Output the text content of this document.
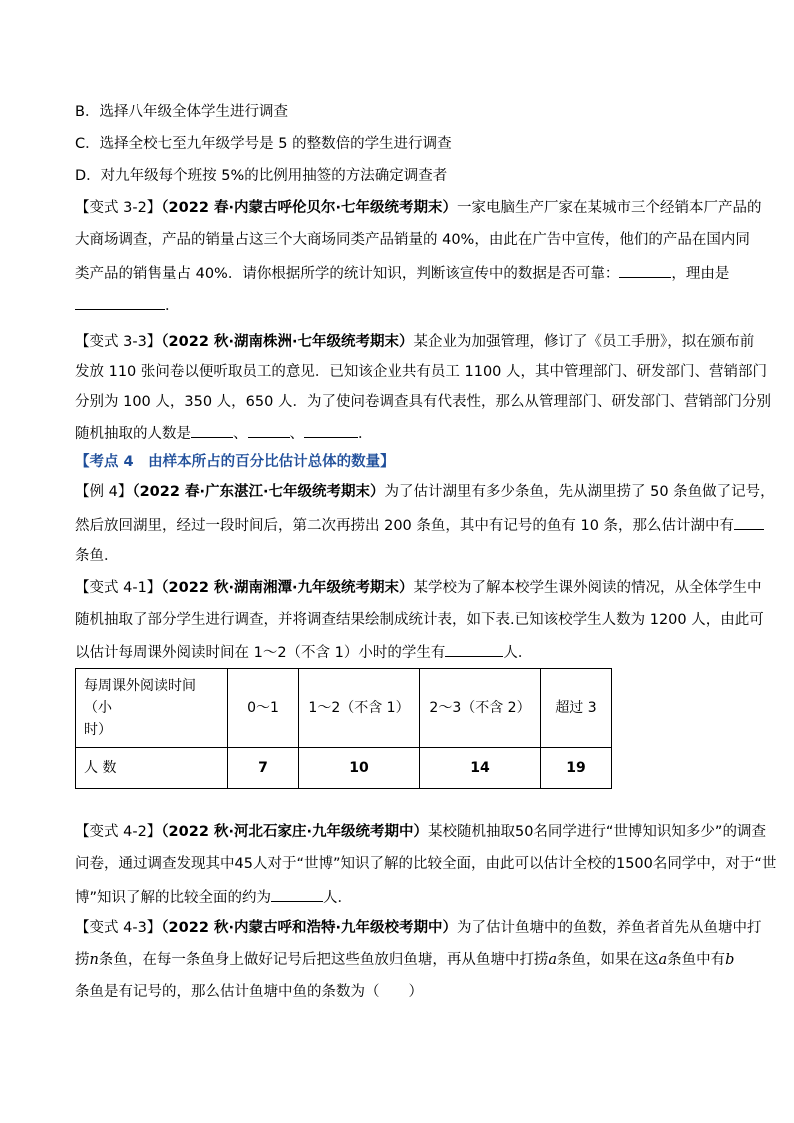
B．选择八年级全体学生进行调查
C．选择全校七至九年级学号是 5 的整数倍的学生进行调查
D．对九年级每个班按 5%的比例用抽签的方法确定调查者
【变式 3-2】（2022 春·内蒙古呼伦贝尔·七年级统考期末）一家电脑生产厂家在某城市三个经销本厂产品的
大商场调查，产品的销量占这三个大商场同类产品销量的 40%，由此在广告中宣传，他们的产品在国内同
类产品的销售量占 40%．请你根据所学的统计知识，判断该宣传中的数据是否可靠：	，理由是
．
【变式 3-3】（2022 秋·湖南株洲·七年级统考期末）某企业为加强管理，修订了《员工手册》，拟在颁布前
发放 110 张问卷以便听取员工的意见．已知该企业共有员工 1100 人，其中管理部门、研发部门、营销部门
分别为 100 人，350 人，650 人．为了使问卷调查具有代表性，那么从管理部门、研发部门、营销部门分别
随机抽取的人数是	、	、	．
【考点 4　由样本所占的百分比估计总体的数量】
【例 4】（2022 春·广东湛江·七年级统考期末）为了估计湖里有多少条鱼，先从湖里捞了 50 条鱼做了记号，
然后放回湖里，经过一段时间后，第二次再捞出 200 条鱼，其中有记号的鱼有 10 条，那么估计湖中有
条鱼．
【变式 4-1】（2022 秋·湖南湘潭·九年级统考期末）某学校为了解本校学生课外阅读的情况，从全体学生中
随机抽取了部分学生进行调查，并将调查结果绘制成统计表，如下表.已知该校学生人数为 1200 人，由此可
以估计每周课外阅读时间在 1～2（不含 1）小时的学生有	人．
每周课外阅读时间（小
时）	0～1	1～2（不含 1）	2～3（不含 2）	超过 3
人 数	7	10	14	19
【变式 4-2】（2022 秋·河北石家庄·九年级统考期中）某校随机抽取50名同学进行“世博知识知多少”的调查
问卷，通过调查发现其中45人对于“世博”知识了解的比较全面，由此可以估计全校的1500名同学中，对于“世
博”知识了解的比较全面的约为	人．
【变式 4-3】（2022 秋·内蒙古呼和浩特·九年级校考期中）为了估计鱼塘中的鱼数，养鱼者首先从鱼塘中打
捞n条鱼，在每一条鱼身上做好记号后把这些鱼放归鱼塘，再从鱼塘中打捞a条鱼，如果在这a条鱼中有b
条鱼是有记号的，那么估计鱼塘中鱼的条数为（　　）
